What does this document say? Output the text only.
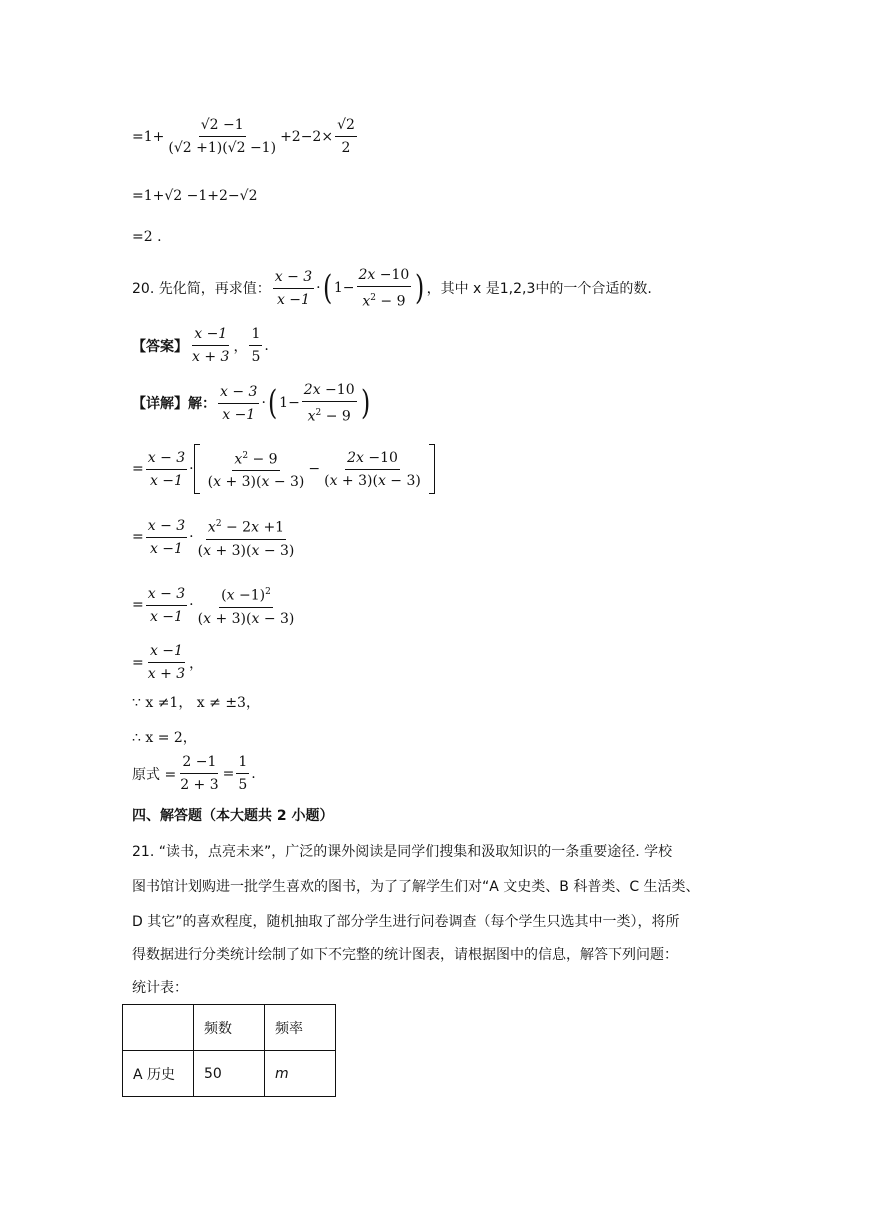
$=1+ \frac{√2 -1}{(√2 +1)(√2 -1)} +2-2\times \frac{√2}{2}$
=1+√2 −1+2−√2
=2 .
20. 先化简，再求值： $\frac{x - 3}{x -1}$ · ( $1- \frac{2x -10}{x^2 - 9}$ ) ，其中 x 是1,2,3中的一个合适的数.
【答案】 $\frac{x -1}{x + 3}$ ， $\frac{1}{5}$ .
【详解】解： $\frac{x - 3}{x -1}$ · ( $1- \frac{2x -10}{x^2 - 9}$ )
= $\frac{x - 3}{x -1} \cdot \frac{x^2 - 9}{(x + 3)(x - 3)} - \frac{2x -10}{(x + 3)(x - 3)}$
= $\frac{x - 3}{x -1} \cdot \frac{x^2 - 2x +1}{(x + 3)(x - 3)}$
= $\frac{x - 3}{x -1} \cdot \frac{(x -1)^2}{(x + 3)(x - 3)}$
= $\frac{x -1}{x + 3}$ ，
∵ x ≠1， x ≠ ±3，
∴ x = 2，
原式 = $\frac{2 -1}{2 + 3} = \frac{1}{5}$ .
四、解答题（本大题共 2 小题）
21. “读书，点亮未来”，广泛的课外阅读是同学们搜集和汲取知识的一条重要途径. 学校
图书馆计划购进一批学生喜欢的图书，为了了解学生们对“A 文史类、B 科普类、C 生活类、
D 其它”的喜欢程度，随机抽取了部分学生进行问卷调查（每个学生只选其中一类），将所
得数据进行分类统计绘制了如下不完整的统计图表，请根据图中的信息，解答下列问题：
统计表：
	频数	频率
A 历史	50	m
